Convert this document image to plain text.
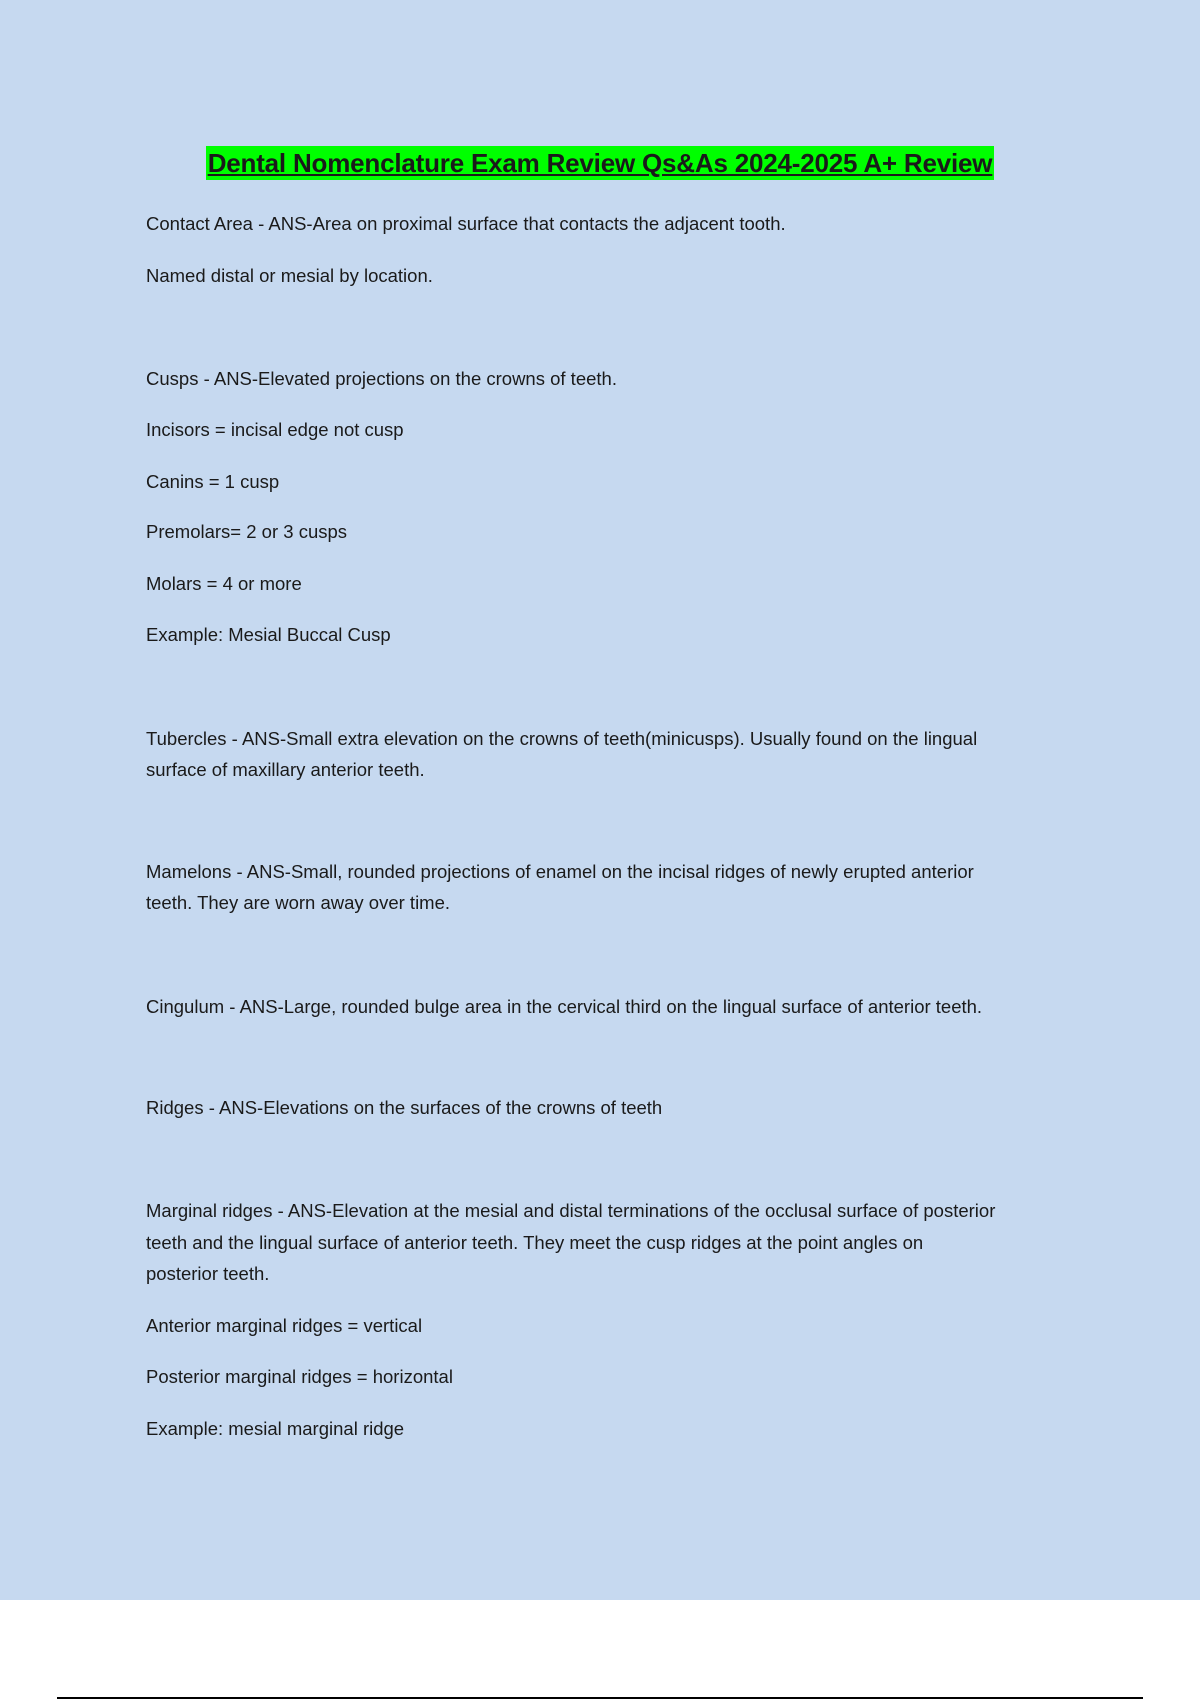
Dental Nomenclature Exam Review Qs&As 2024-2025 A+ Review
Contact Area - ANS-Area on proximal surface that contacts the adjacent tooth.
Named distal or mesial by location.
Cusps - ANS-Elevated projections on the crowns of teeth.
Incisors = incisal edge not cusp
Canins = 1 cusp
Premolars= 2 or 3 cusps
Molars = 4 or more
Example: Mesial Buccal Cusp
Tubercles - ANS-Small extra elevation on the crowns of teeth(minicusps). Usually found on the lingual
surface of maxillary anterior teeth.
Mamelons - ANS-Small, rounded projections of enamel on the incisal ridges of newly erupted anterior
teeth. They are worn away over time.
Cingulum - ANS-Large, rounded bulge area in the cervical third on the lingual surface of anterior teeth.
Ridges - ANS-Elevations on the surfaces of the crowns of teeth
Marginal ridges - ANS-Elevation at the mesial and distal terminations of the occlusal surface of posterior
teeth and the lingual surface of anterior teeth. They meet the cusp ridges at the point angles on
posterior teeth.
Anterior marginal ridges = vertical
Posterior marginal ridges = horizontal
Example: mesial marginal ridge
